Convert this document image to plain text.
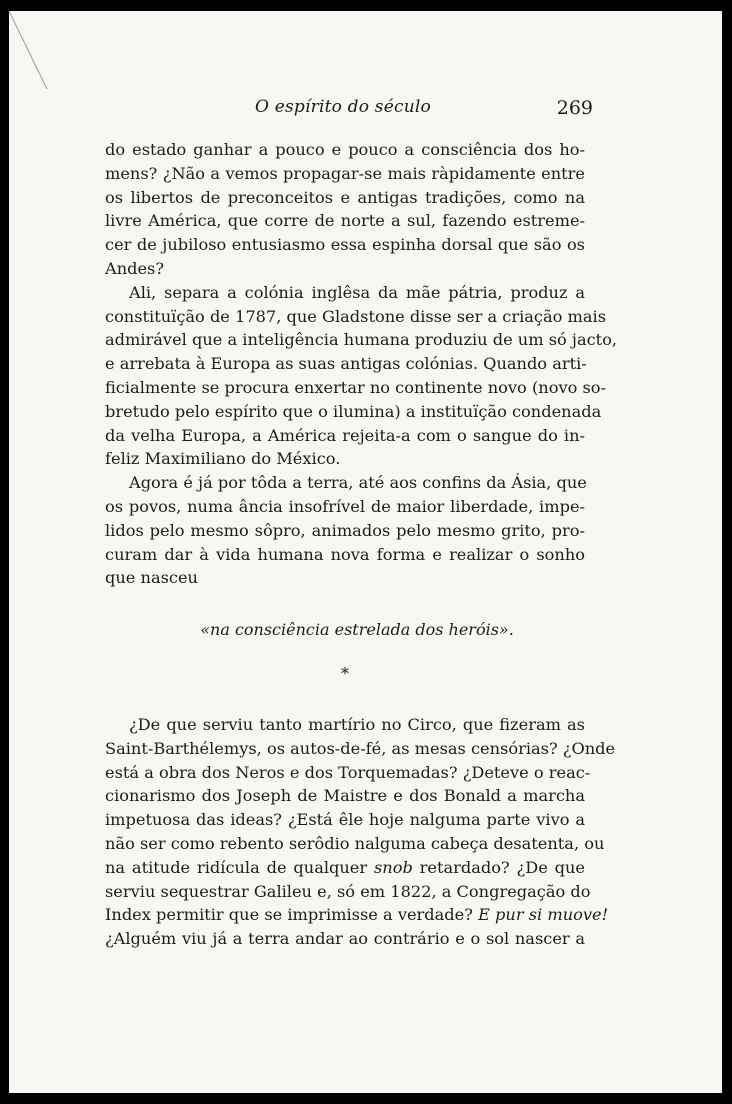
O espírito do século	269
do estado ganhar a pouco e pouco a consciência dos ho-
mens? ¿Não a vemos propagar-se mais ràpidamente entre
os libertos de preconceitos e antigas tradições, como na
livre América, que corre de norte a sul, fazendo estreme-
cer de jubiloso entusiasmo essa espinha dorsal que são os
Andes?
Ali, separa a colónia inglêsa da mãe pátria, produz a
constituïção de 1787, que Gladstone disse ser a criação mais
admirável que a inteligência humana produziu de um só jacto,
e arrebata à Europa as suas antigas colónias. Quando arti-
ficialmente se procura enxertar no continente novo (novo so-
bretudo pelo espírito que o ilumina) a instituïção condenada
da velha Europa, a América rejeita-a com o sangue do in-
feliz Maximiliano do México.
Agora é já por tôda a terra, até aos confins da Ásia, que
os povos, numa ância insofrível de maior liberdade, impe-
lidos pelo mesmo sôpro, animados pelo mesmo grito, pro-
curam dar à vida humana nova forma e realizar o sonho
que nasceu
«na consciência estrelada dos heróis».
*
¿De que serviu tanto martírio no Circo, que fizeram as
Saint-Barthélemys, os autos-de-fé, as mesas censórias? ¿Onde
está a obra dos Neros e dos Torquemadas? ¿Deteve o reac-
cionarismo dos Joseph de Maistre e dos Bonald a marcha
impetuosa das ideas? ¿Está êle hoje nalguma parte vivo a
não ser como rebento serôdio nalguma cabeça desatenta, ou
na atitude ridícula de qualquer snob retardado? ¿De que
serviu sequestrar Galileu e, só em 1822, a Congregação do
Index permitir que se imprimisse a verdade? E pur si muove!
¿Alguém viu já a terra andar ao contrário e o sol nascer a
